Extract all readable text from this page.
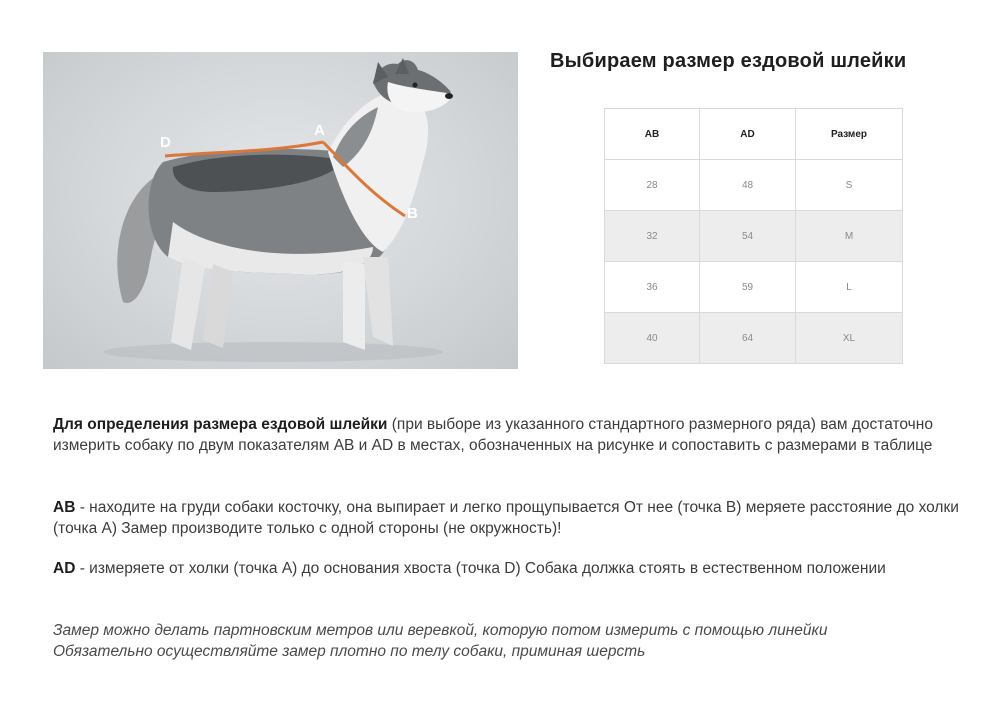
D
A
B
Выбираем размер ездовой шлейки
AB	AD	Размер
28	48	S
32	54	M
36	59	L
40	64	XL
Для определения размера ездовой шлейки (при выборе из указанного стандартного размерного ряда) вам достаточно измерить собаку по двум показателям AB и AD в местах, обозначенных на рисунке и сопоставить с размерами в таблице
AB - находите на груди собаки косточку, она выпирает и легко прощупывается От нее (точка B) меряете расстояние до холки (точка A) Замер производите только с одной стороны (не окружность)!
AD - измеряете от холки (точка A) до основания хвоста (точка D) Собака должка стоять в естественном положении
Замер можно делать партновским метров или веревкой, которую потом измерить с помощью линейки
Обязательно осуществляйте замер плотно по телу собаки, приминая шерсть
